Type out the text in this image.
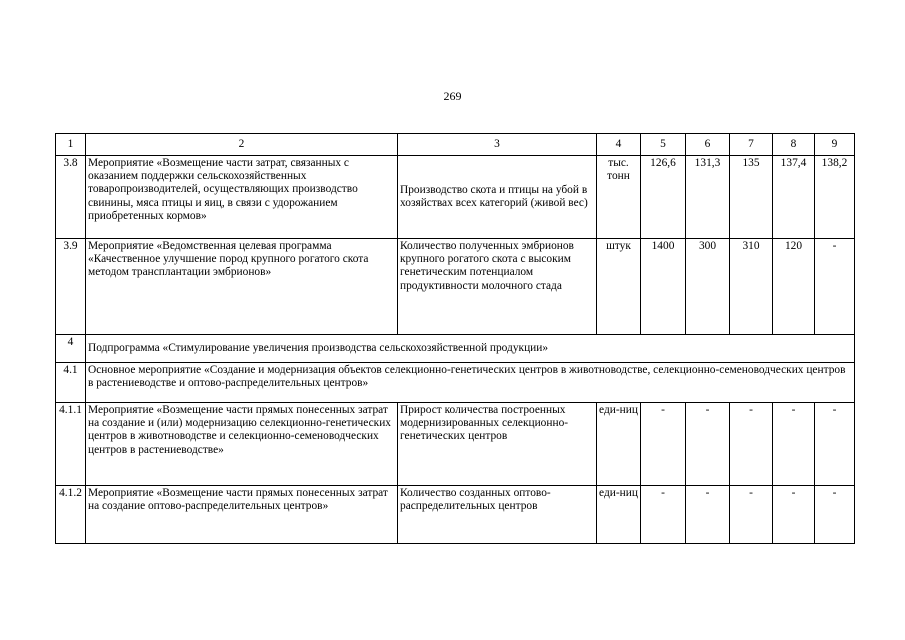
269
1	2	3	4	5	6	7	8	9
3.8	Мероприятие «Возмещение части затрат, связанных с оказанием поддержки сельскохозяйственных товаропроизводителей, осуществляющих производство свинины, мяса птицы и яиц, в связи с удорожанием приобретенных кормов»	Производство скота и птицы на убой в хозяйствах всех категорий (живой вес)	тыс. тонн	126,6	131,3	135	137,4	138,2
3.9	Мероприятие «Ведомственная целевая программа «Качественное улучшение пород крупного рогатого скота методом трансплантации эмбрионов»	Количество полученных эмбрионов крупного рогатого скота с высоким генетическим потенциалом продуктивности молочного стада	штук	1400	300	310	120	-
4	Подпрограмма «Стимулирование увеличения производства сельскохозяйственной продукции»							
4.1	Основное мероприятие «Создание и модернизация объектов селекционно-генетических центров в животноводстве, селекционно-семеноводческих центров в растениеводстве и оптово-распределительных центров»							
4.1.1	Мероприятие «Возмещение части прямых понесенных затрат на создание и (или) модернизацию селекционно-генетических центров в животноводстве и селекционно-семеноводческих центров в растениеводстве»	Прирост количества построенных модернизированных селекционно-генетических центров	еди-ниц	-	-	-	-	-
4.1.2	Мероприятие «Возмещение части прямых понесенных затрат на создание оптово-распределительных центров»	Количество созданных оптово-распределительных центров	еди-ниц	-	-	-	-	-
